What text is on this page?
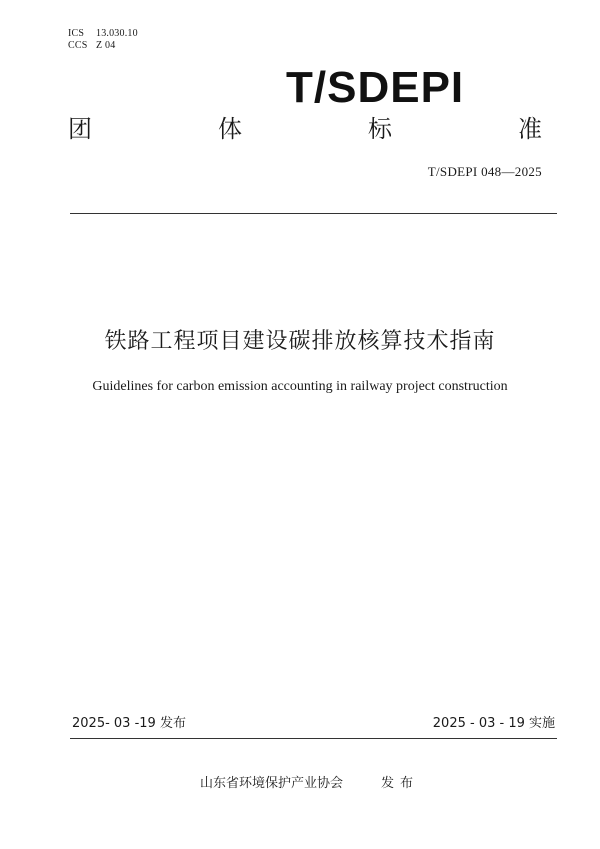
ICS 13.030.10
CCS Z 04
T/SDEPI
团	体	标	准
T/SDEPI 048—2025
铁路工程项目建设碳排放核算技术指南
Guidelines for carbon emission accounting in railway project construction
2025- 03 -19 发布	2025 - 03 - 19 实施
山东省环境保护产业协会	发布
